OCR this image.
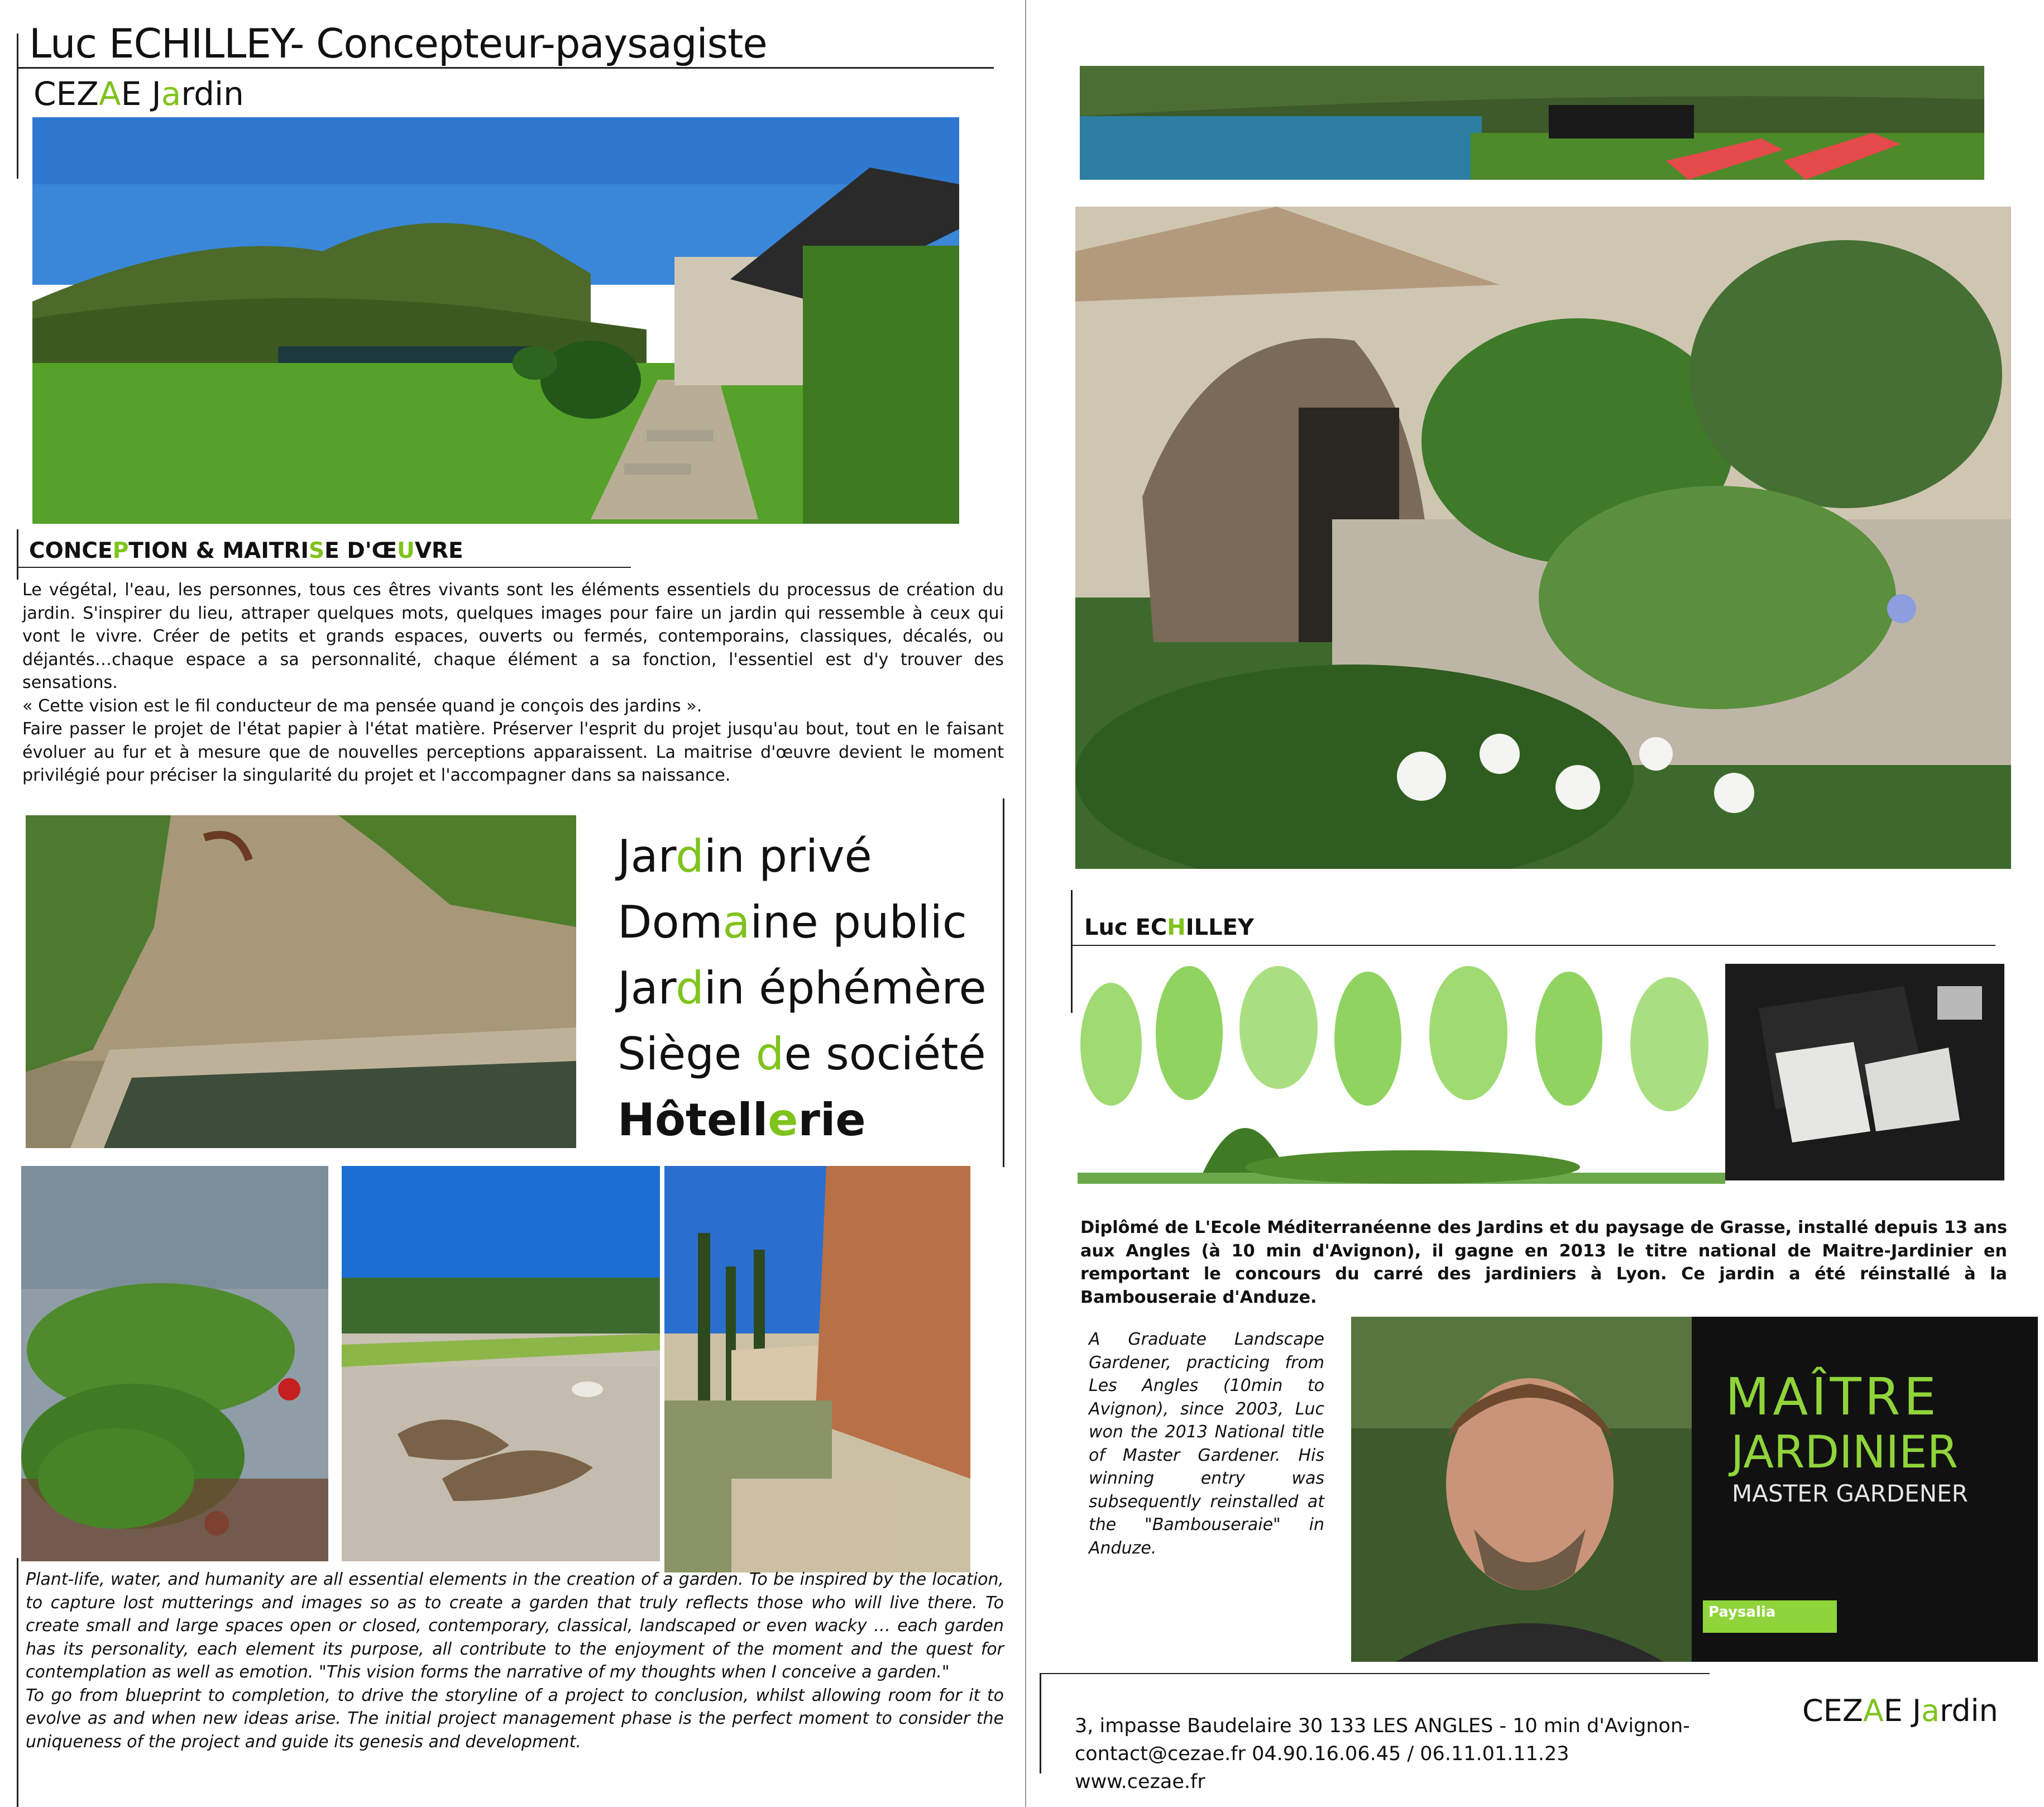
Luc ECHILLEY- Concepteur-paysagiste
CEZAE Jardin
CONCEPTION & MAITRISE D'ŒUVRE

Le végétal, l'eau, les personnes, tous ces êtres vivants sont les éléments essentiels du processus de création du jardin. S'inspirer du lieu, attraper quelques mots, quelques images pour faire un jardin qui ressemble à ceux qui vont le vivre. Créer de petits et grands espaces, ouverts ou fermés, contemporains, classiques, décalés, ou déjantés…chaque espace a sa personnalité, chaque élément a sa fonction, l'essentiel est d'y trouver des sensations.

« Cette vision est le fil conducteur de ma pensée quand je conçois des jardins ».

Faire passer le projet de l'état papier à l'état matière. Préserver l'esprit du projet jusqu'au bout, tout en le faisant évoluer au fur et à mesure que de nouvelles perceptions apparaissent. La maitrise d'œuvre devient le moment privilégié pour préciser la singularité du projet et l'accompagner dans sa naissance.

Jardin privé
Domaine public
Jardin éphémère
Siège de société
Hôtellerie

Plant-life, water, and humanity are all essential elements in the creation of a garden. To be inspired by the location, to capture lost mutterings and images so as to create a garden that truly reflects those who will live there. To create small and large spaces open or closed, contemporary, classical, landscaped or even wacky … each garden has its personality, each element its purpose, all contribute to the enjoyment of the moment and the quest for contemplation as well as emotion. "This vision forms the narrative of my thoughts when I conceive a garden."

To go from blueprint to completion, to drive the storyline of a project to conclusion, whilst allowing room for it to evolve as and when new ideas arise. The initial project management phase is the perfect moment to consider the uniqueness of the project and guide its genesis and development.

Luc ECHILLEY
Diplômé de L'Ecole Méditerranéenne des Jardins et du paysage de Grasse, installé depuis 13 ans aux Angles (à 10 min d'Avignon), il gagne en 2013 le titre national de Maitre-Jardinier en remportant le concours du carré des jardiniers à Lyon. Ce jardin a été réinstallé à la Bambouseraie d'Anduze.
A Graduate Landscape Gardener, practicing from Les Angles (10min to Avignon), since 2003, Luc won the 2013 National title of Master Gardener. His winning entry was subsequently reinstalled at the "Bambouseraie" in Anduze.
MAÎTRE
JARDINIER
MASTER GARDENER
Paysalia
3, impasse Baudelaire 30 133 LES ANGLES - 10 min d'Avignon-
contact@cezae.fr 04.90.16.06.45 / 06.11.01.11.23
www.cezae.fr
CEZAE Jardin
